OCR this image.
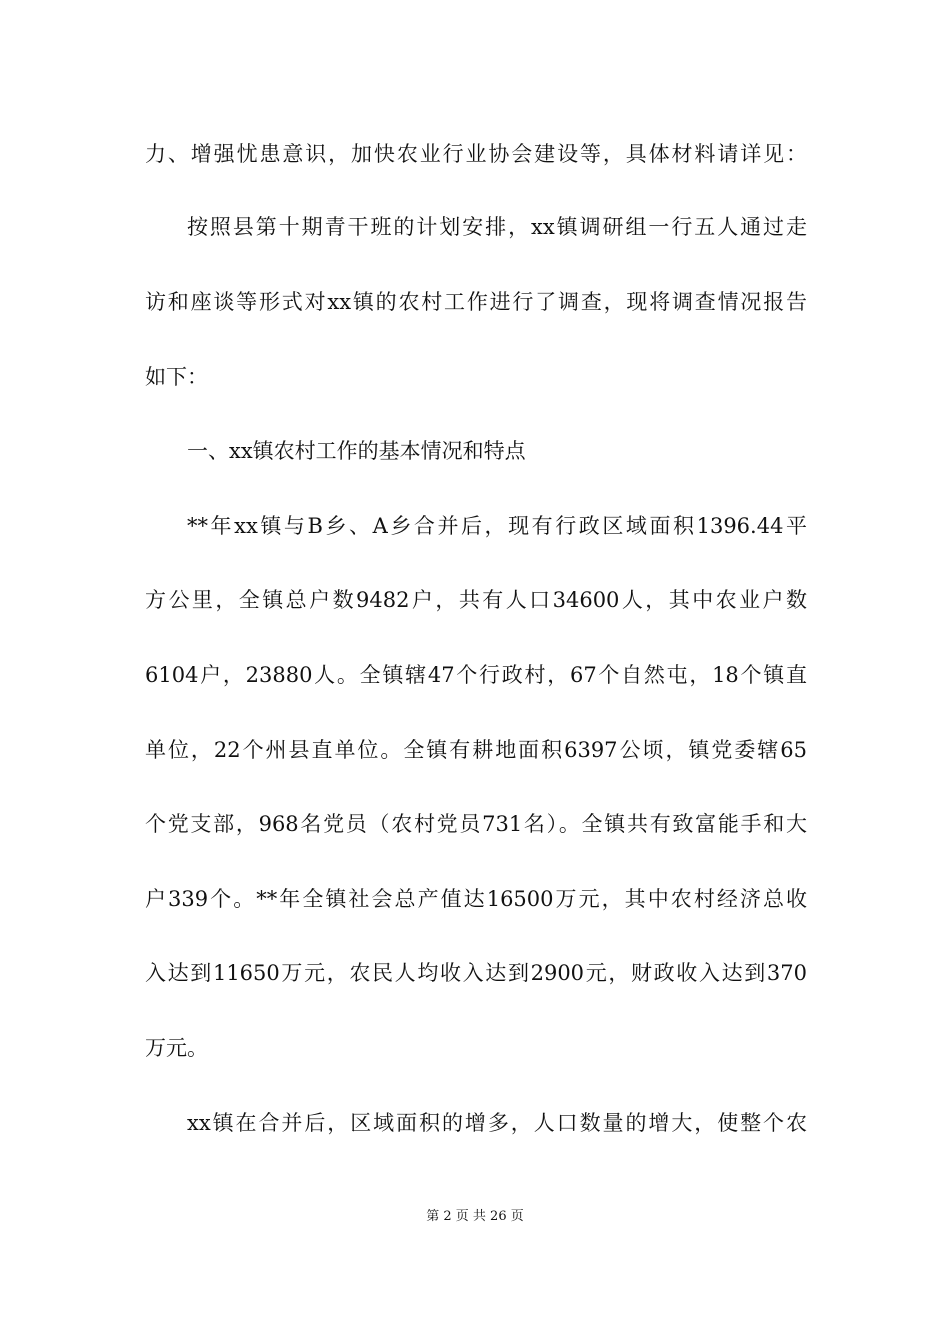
力、增强忧患意识，加快农业行业协会建设等，具体材料请详见：
按照县第十期青干班的计划安排，xx镇调研组一行五人通过走
访和座谈等形式对xx镇的农村工作进行了调查，现将调查情况报告
如下：
一、xx镇农村工作的基本情况和特点
**年xx镇与B乡、A乡合并后，现有行政区域面积1396.44平
方公里，全镇总户数9482户，共有人口34600人，其中农业户数
6104户，23880人。全镇辖47个行政村，67个自然屯，18个镇直
单位，22个州县直单位。全镇有耕地面积6397公顷，镇党委辖65
个党支部，968名党员（农村党员731名）。全镇共有致富能手和大
户339个。**年全镇社会总产值达16500万元，其中农村经济总收
入达到11650万元，农民人均收入达到2900元，财政收入达到370
万元。
xx镇在合并后，区域面积的增多，人口数量的增大，使整个农
第 2 页 共 26 页
